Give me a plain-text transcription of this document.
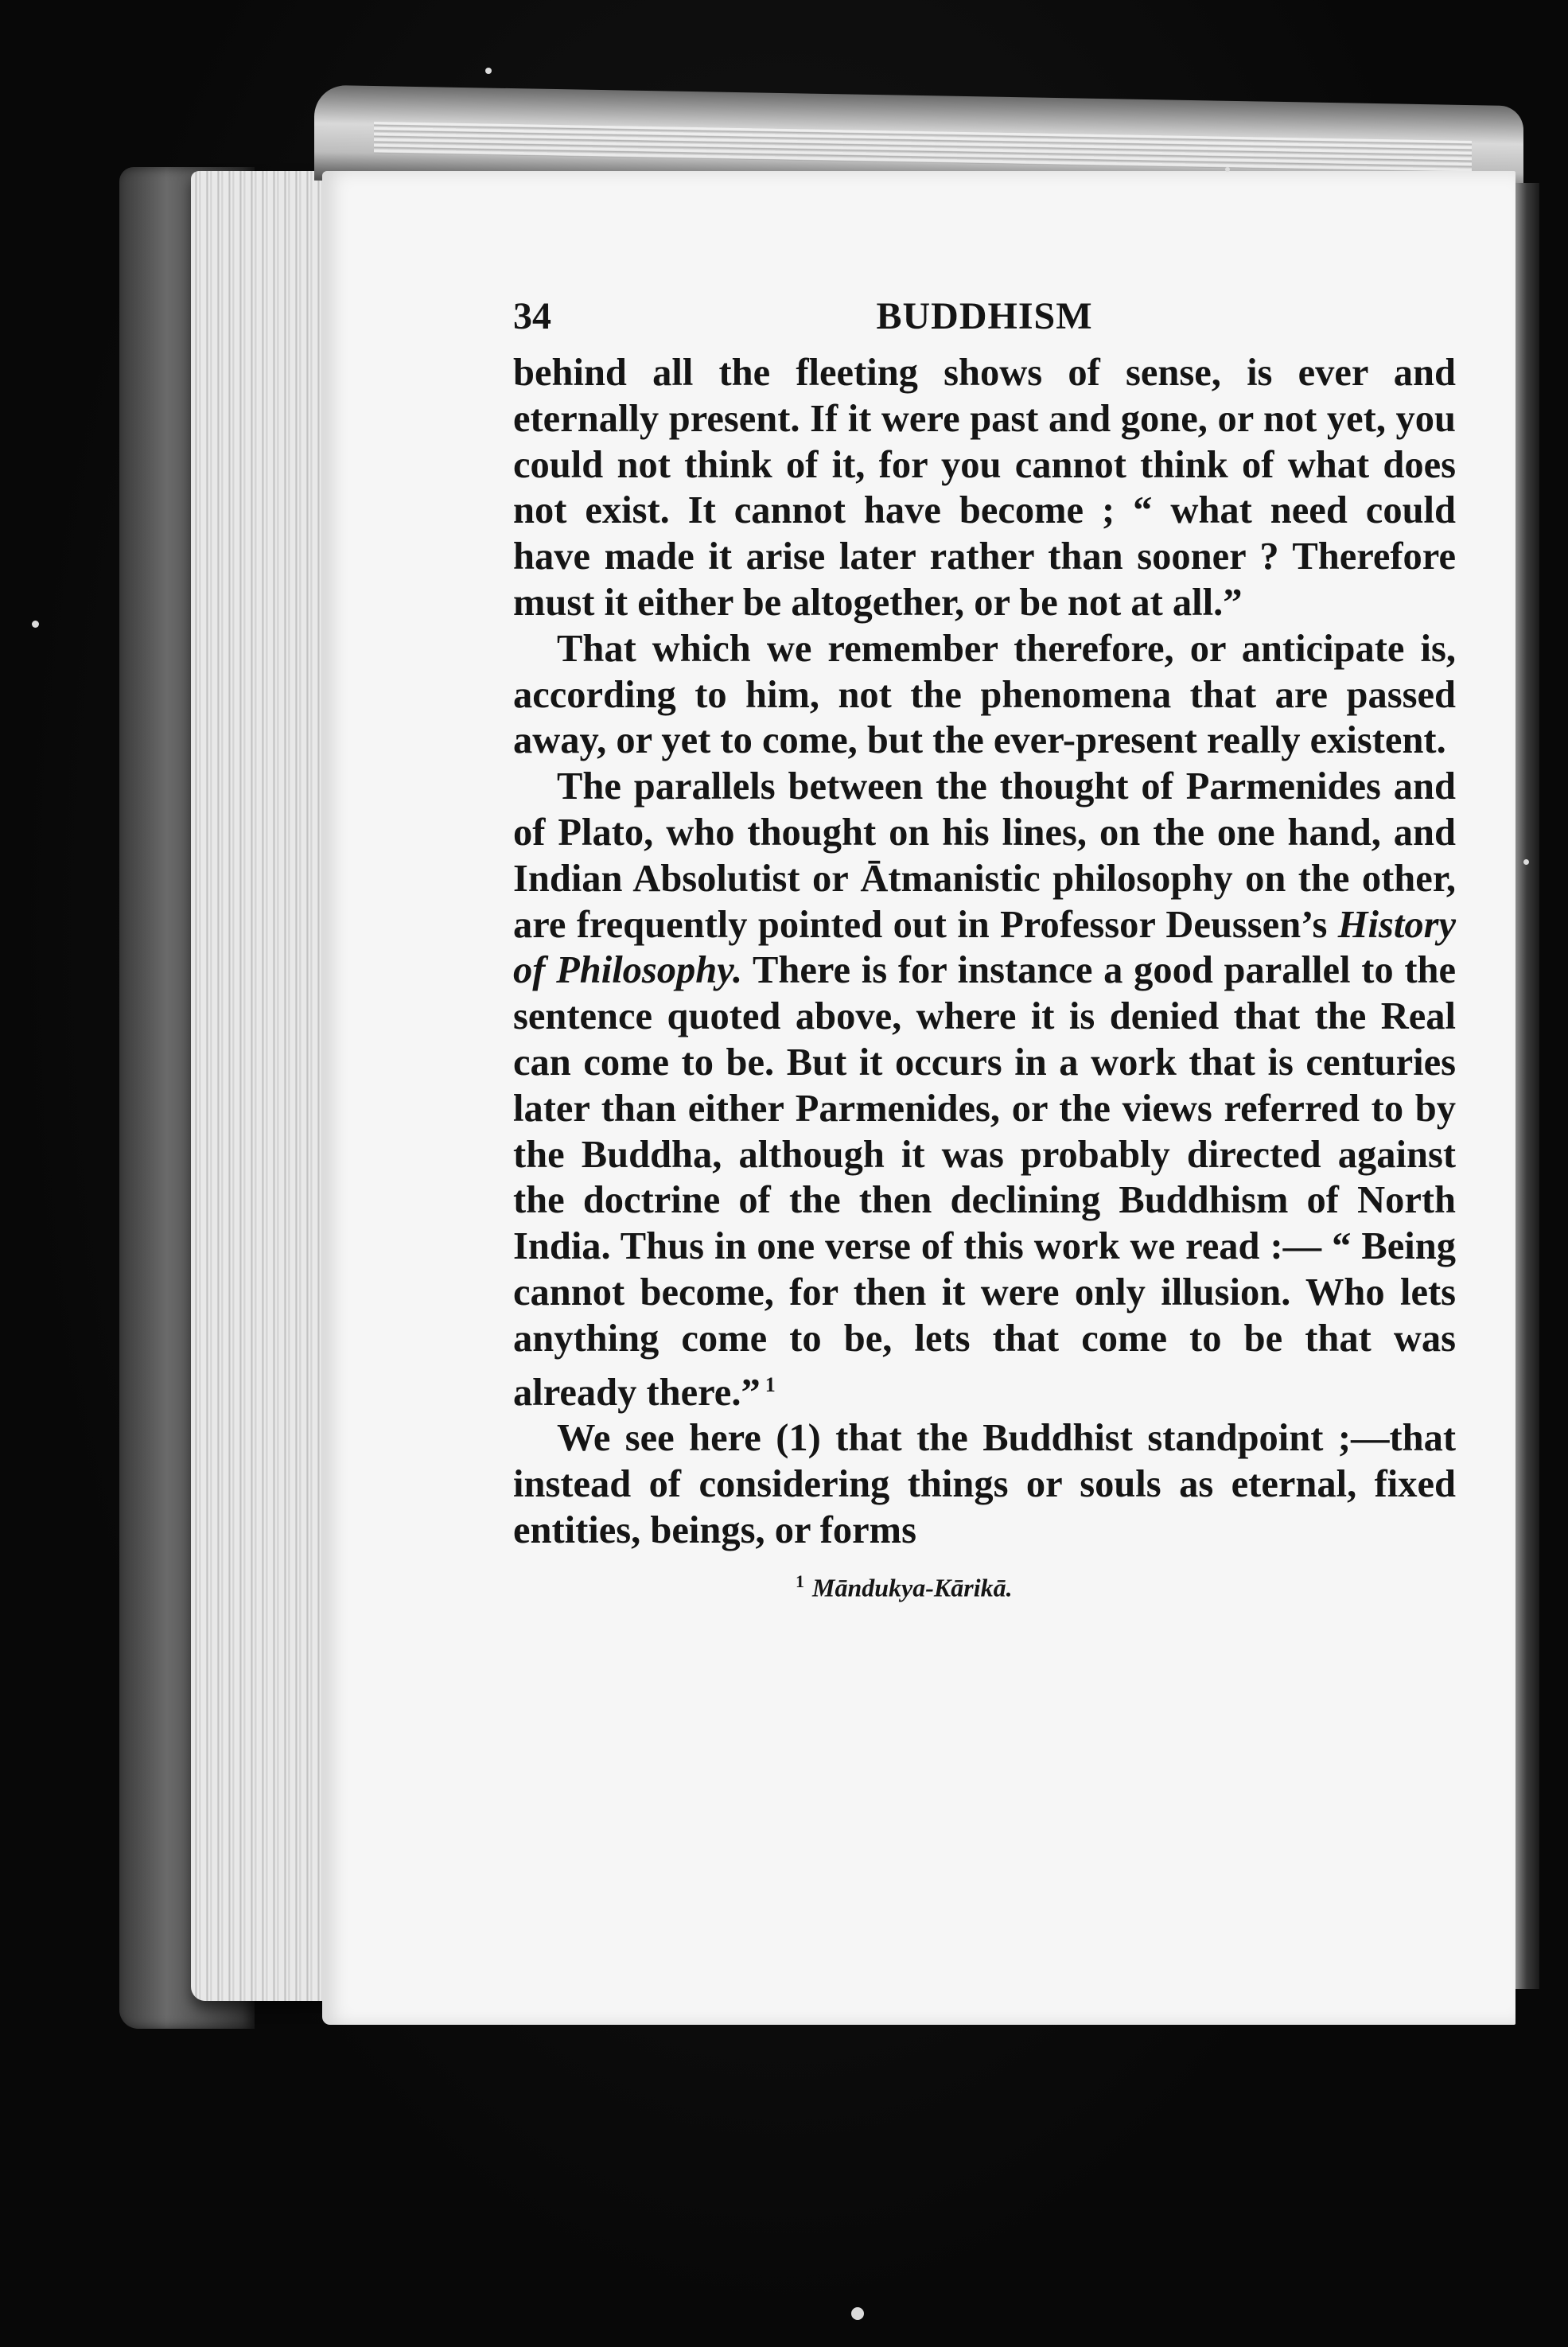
34	BUDDHISM

behind all the fleeting shows of sense, is ever and eternally present. If it were past and gone, or not yet, you could not think of it, for you cannot think of what does not exist. It cannot have become ; “ what need could have made it arise later rather than sooner ? Therefore must it either be altogether, or be not at all.”

That which we remember therefore, or anticipate is, according to him, not the phenomena that are passed away, or yet to come, but the ever-present really existent.

The parallels between the thought of Parmenides and of Plato, who thought on his lines, on the one hand, and Indian Absolutist or Ātmanistic philosophy on the other, are frequently pointed out in Professor Deussen’s History of Philosophy. There is for instance a good parallel to the sentence quoted above, where it is denied that the Real can come to be. But it occurs in a work that is centuries later than either Parmenides, or the views referred to by the Buddha, although it was probably directed against the doctrine of the then declining Buddhism of North India. Thus in one verse of this work we read :— “ Being cannot become, for then it were only illusion. Who lets anything come to be, lets that come to be that was already there.” $^1$

We see here (1) that the Buddhist standpoint ;—that instead of considering things or souls as eternal, fixed entities, beings, or forms

$^1$ Māndukya-Kārikā.
